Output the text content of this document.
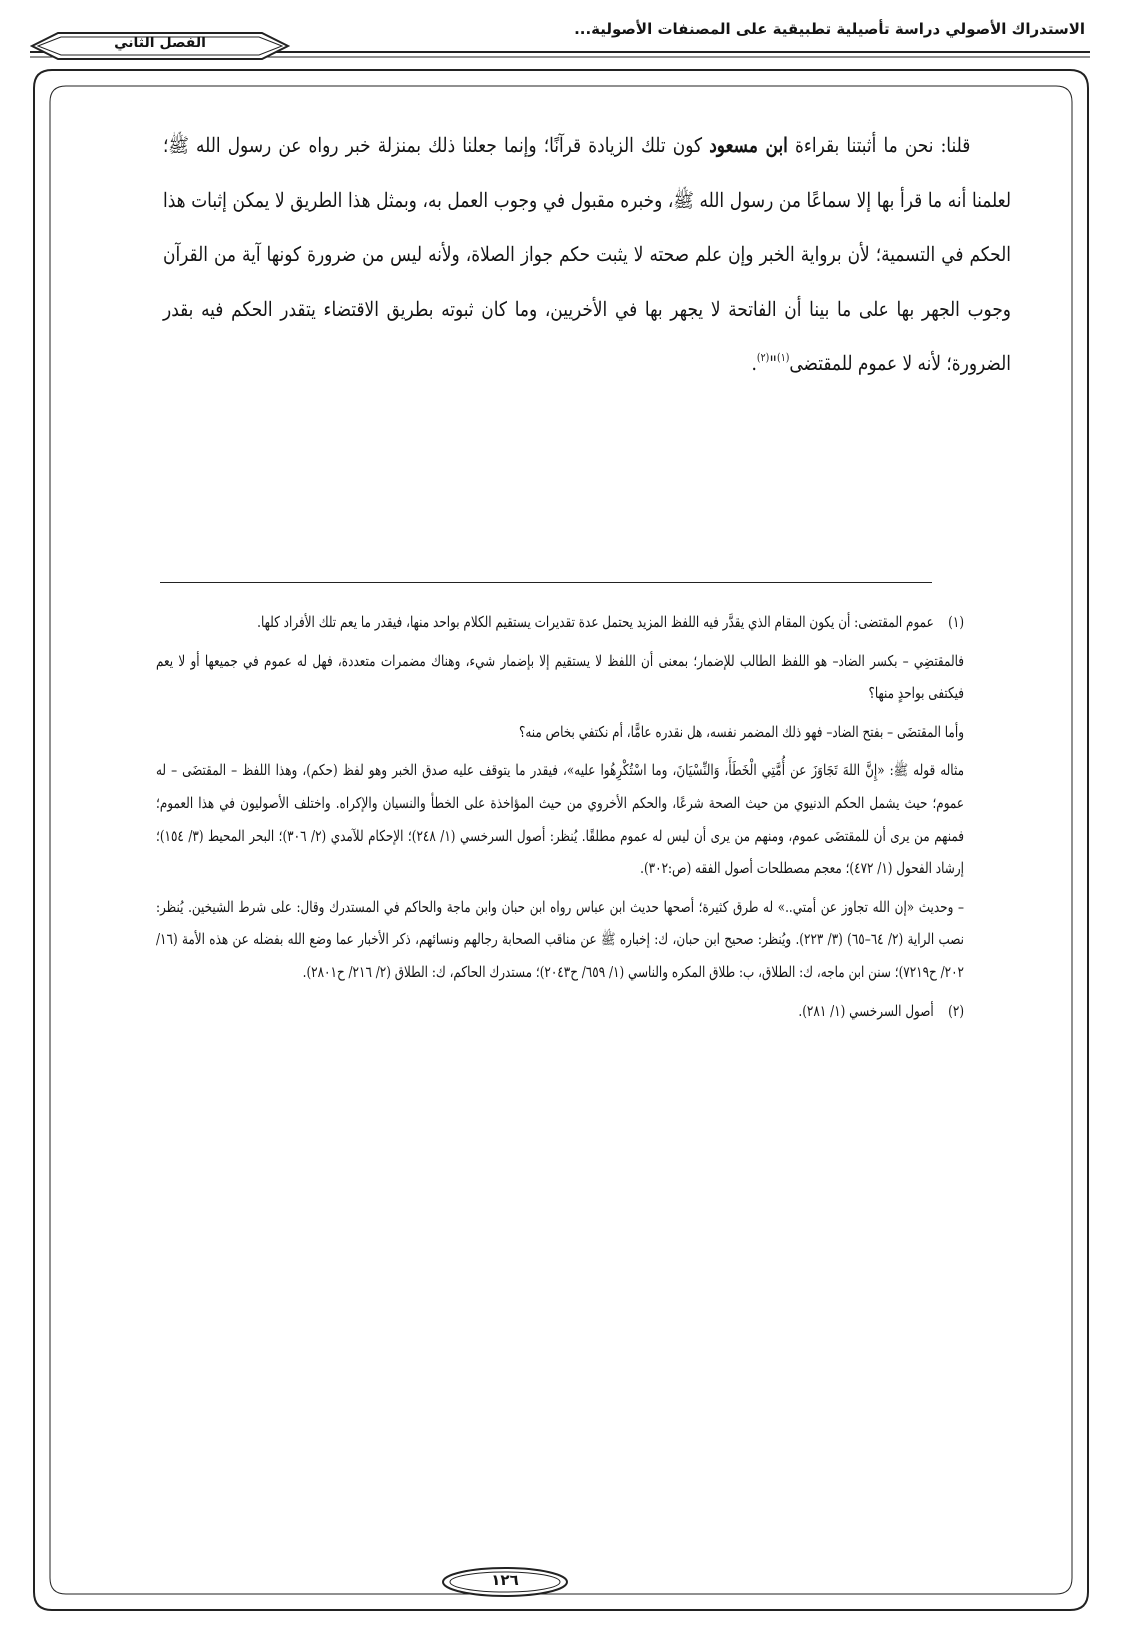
الاستدراك الأصولي دراسة تأصيلية تطبيقية على المصنفات الأصولية...
الفصل الثاني

قلنا: نحن ما أثبتنا بقراءة ابن مسعود كون تلك الزيادة قرآنًا؛ وإنما جعلنا ذلك بمنزلة خبر رواه عن رسول الله ﷺ؛ لعلمنا أنه ما قرأ بها إلا سماعًا من رسول الله ﷺ، وخبره مقبول في وجوب العمل به، وبمثل هذا الطريق لا يمكن إثبات هذا الحكم في التسمية؛ لأن برواية الخبر وإن علم صحته لا يثبت حكم جواز الصلاة، ولأنه ليس من ضرورة كونها آية من القرآن وجوب الجهر بها على ما بينا أن الفاتحة لا يجهر بها في الأخريين، وما كان ثبوته بطريق الاقتضاء يتقدر الحكم فيه بقدر الضرورة؛ لأنه لا عموم للمقتضى$^{(١)}$"$^{(٢)}$.

(١)عموم المقتضى: أن يكون المقام الذي يقدَّر فيه اللفظ المزيد يحتمل عدة تقديرات يستقيم الكلام بواحد منها، فيقدر ما يعم تلك الأفراد كلها.

فالمقتضِي – بكسر الضاد– هو اللفظ الطالب للإضمار؛ بمعنى أن اللفظ لا يستقيم إلا بإضمار شيء، وهناك مضمرات متعددة، فهل له عموم في جميعها أو لا يعم فيكتفى بواحدٍ منها؟

وأما المقتضَى – بفتح الضاد– فهو ذلك المضمر نفسه، هل نقدره عامًّا، أم نكتفي بخاص منه؟

مثاله قوله ﷺ: «إِنَّ اللهَ تَجَاوَزَ عن أُمَّتِي الْخَطَأَ، وَالنِّسْيَانَ، وما اسْتُكْرِهُوا عليه»، فيقدر ما يتوقف عليه صدق الخبر وهو لفظ (حكم)، وهذا اللفظ – المقتضَى – له عموم؛ حيث يشمل الحكم الدنيوي من حيث الصحة شرعًا، والحكم الأخروي من حيث المؤاخذة على الخطأ والنسيان والإكراه. واختلف الأصوليون في هذا العموم؛ فمنهم من يرى أن للمقتضَى عموم، ومنهم من يرى أن ليس له عموم مطلقًا. يُنظر: أصول السرخسي (١/ ٢٤٨)؛ الإحكام للآمدي (٢/ ٣٠٦)؛ البحر المحيط (٣/ ١٥٤)؛ إرشاد الفحول (١/ ٤٧٢)؛ معجم مصطلحات أصول الفقه (ص:٣٠٢).

– وحديث «إن الله تجاوز عن أمتي..» له طرق كثيرة؛ أصحها حديث ابن عباس رواه ابن حبان وابن ماجة والحاكم في المستدرك وقال: على شرط الشيخين. يُنظر: نصب الراية (٢/ ٦٤–٦٥) (٣/ ٢٢٣). ويُنظر: صحيح ابن حبان، ك: إخباره ﷺ عن مناقب الصحابة رجالهم ونسائهم، ذكر الأخبار عما وضع الله بفضله عن هذه الأمة (١٦/ ٢٠٢/ ح٧٢١٩)؛ سنن ابن ماجه، ك: الطلاق، ب: طلاق المكره والناسي (١/ ٦٥٩/ ح٢٠٤٣)؛ مستدرك الحاكم، ك: الطلاق (٢/ ٢١٦/ ح٢٨٠١).

(٢)أصول السرخسي (١/ ٢٨١).

١٢٦
